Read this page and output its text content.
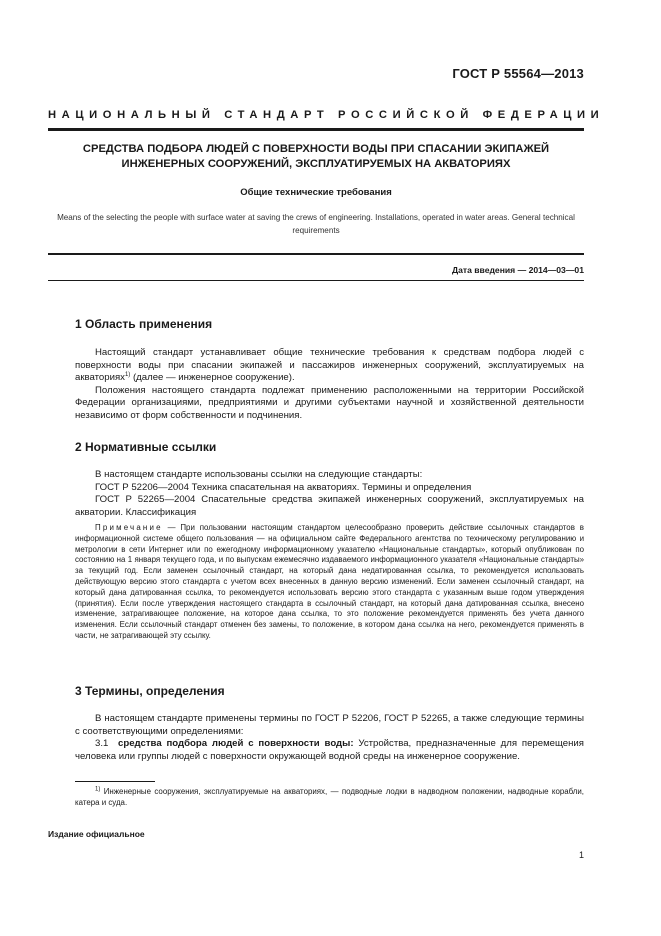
ГОСТ Р 55564—2013
НАЦИОНАЛЬНЫЙ СТАНДАРТ РОССИЙСКОЙ ФЕДЕРАЦИИ
СРЕДСТВА ПОДБОРА ЛЮДЕЙ С ПОВЕРХНОСТИ ВОДЫ ПРИ СПАСАНИИ ЭКИПАЖЕЙ
ИНЖЕНЕРНЫХ СООРУЖЕНИЙ, ЭКСПЛУАТИРУЕМЫХ НА АКВАТОРИЯХ
Общие технические требования
Means of the selecting the people with surface water at saving the crews of engineering. Installations, operated in water areas. General technical requirements
Дата введения — 2014—03—01
1 Область применения

Настоящий стандарт устанавливает общие технические требования к средствам подбора людей с поверхности воды при спасании экипажей и пассажиров инженерных сооружений, эксплуатируемых на акваториях$^{1)}$ (далее — инженерное сооружение).

Положения настоящего стандарта подлежат применению расположенными на территории Российской Федерации организациями, предприятиями и другими субъектами научной и хозяйственной деятельности независимо от форм собственности и подчинения.

2 Нормативные ссылки

В настоящем стандарте использованы ссылки на следующие стандарты:

ГОСТ Р 52206—2004 Техника спасательная на акваториях. Термины и определения

ГОСТ Р 52265—2004 Спасательные средства экипажей инженерных сооружений, эксплуатируемых на акватории. Классификация

Примечание — При пользовании настоящим стандартом целесообразно проверить действие ссылочных стандартов в информационной системе общего пользования — на официальном сайте Федерального агентства по техническому регулированию и метрологии в сети Интернет или по ежегодному информационному указателю «Национальные стандарты», который опубликован по состоянию на 1 января текущего года, и по выпускам ежемесячно издаваемого информационного указателя «Национальные стандарты» за текущий год. Если заменен ссылочный стандарт, на который дана недатированная ссылка, то рекомендуется использовать действующую версию этого стандарта с учетом всех внесенных в данную версию изменений. Если заменен ссылочный стандарт, на который дана датированная ссылка, то рекомендуется использовать версию этого стандарта с указанным выше годом утверждения (принятия). Если после утверждения настоящего стандарта в ссылочный стандарт, на который дана датированная ссылка, внесено изменение, затрагивающее положение, на которое дана ссылка, то это положение рекомендуется применять без учета данного изменения. Если ссылочный стандарт отменен без замены, то положение, в котором дана ссылка на него, рекомендуется применять в части, не затрагивающей эту ссылку.
3 Термины, определения

В настоящем стандарте применены термины по ГОСТ Р 52206, ГОСТ Р 52265, а также следующие термины с соответствующими определениями:

3.1 средства подбора людей с поверхности воды: Устройства, предназначенные для перемещения человека или группы людей с поверхности окружающей водной среды на инженерное сооружение.

$^{1)}$ Инженерные сооружения, эксплуатируемые на акваториях, — подводные лодки в надводном положении, надводные корабли, катера и суда.
Издание официальное
1
